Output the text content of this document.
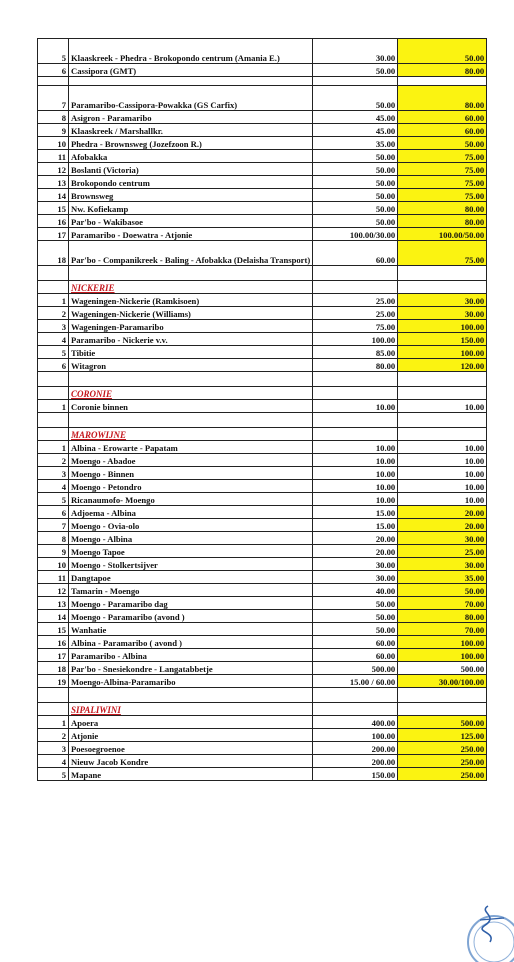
5	Klaaskreek - Phedra - Brokopondo centrum (Amania E.)	30.00	50.00
6	Cassipora (GMT)	50.00	80.00

7	Paramaribo-Cassipora-Powakka (GS Carfix)	50.00	80.00
8	Asigron - Paramaribo	45.00	60.00
9	Klaaskreek / Marshallkr.	45.00	60.00
10	Phedra - Brownsweg (Jozefzoon R.)	35.00	50.00
11	Afobakka	50.00	75.00
12	Boslanti (Victoria)	50.00	75.00
13	Brokopondo centrum	50.00	75.00
14	Brownsweg	50.00	75.00
15	Nw. Kofiekamp	50.00	80.00
16	Par'bo - Wakibasoe	50.00	80.00
17	Paramaribo - Doewatra - Atjonie	100.00/30.00	100.00/50.00
18	Par'bo - Companikreek - Baling - Afobakka (Delaisha Transport)	60.00	75.00

	NICKERIE		
1	Wageningen-Nickerie (Ramkisoen)	25.00	30.00
2	Wageningen-Nickerie (Williams)	25.00	30.00
3	Wageningen-Paramaribo	75.00	100.00
4	Paramaribo - Nickerie v.v.	100.00	150.00
5	Tibitie	85.00	100.00
6	Witagron	80.00	120.00

	CORONIE		
1	Coronie binnen	10.00	10.00

	MAROWIJNE		
1	Albina - Erowarte - Papatam	10.00	10.00
2	Moengo - Abadoe	10.00	10.00
3	Moengo - Binnen	10.00	10.00
4	Moengo - Petondro	10.00	10.00
5	Ricanaumofo- Moengo	10.00	10.00
6	Adjoema - Albina	15.00	20.00
7	Moengo - Ovia-olo	15.00	20.00
8	Moengo - Albina	20.00	30.00
9	Moengo Tapoe	20.00	25.00
10	Moengo - Stolkertsijver	30.00	30.00
11	Dangtapoe	30.00	35.00
12	Tamarin - Moengo	40.00	50.00
13	Moengo - Paramaribo dag	50.00	70.00
14	Moengo - Paramaribo (avond )	50.00	80.00
15	Wanhatie	50.00	70.00
16	Albina - Paramaribo ( avond )	60.00	100.00
17	Paramaribo - Albina	60.00	100.00
18	Par'bo - Snesiekondre - Langatabbetje	500.00	500.00
19	Moengo-Albina-Paramaribo	15.00 / 60.00	30.00/100.00

	SIPALIWINI		
1	Apoera	400.00	500.00
2	Atjonie	100.00	125.00
3	Poesoegroenoe	200.00	250.00
4	Nieuw Jacob Kondre	200.00	250.00
5	Mapane	150.00	250.00
